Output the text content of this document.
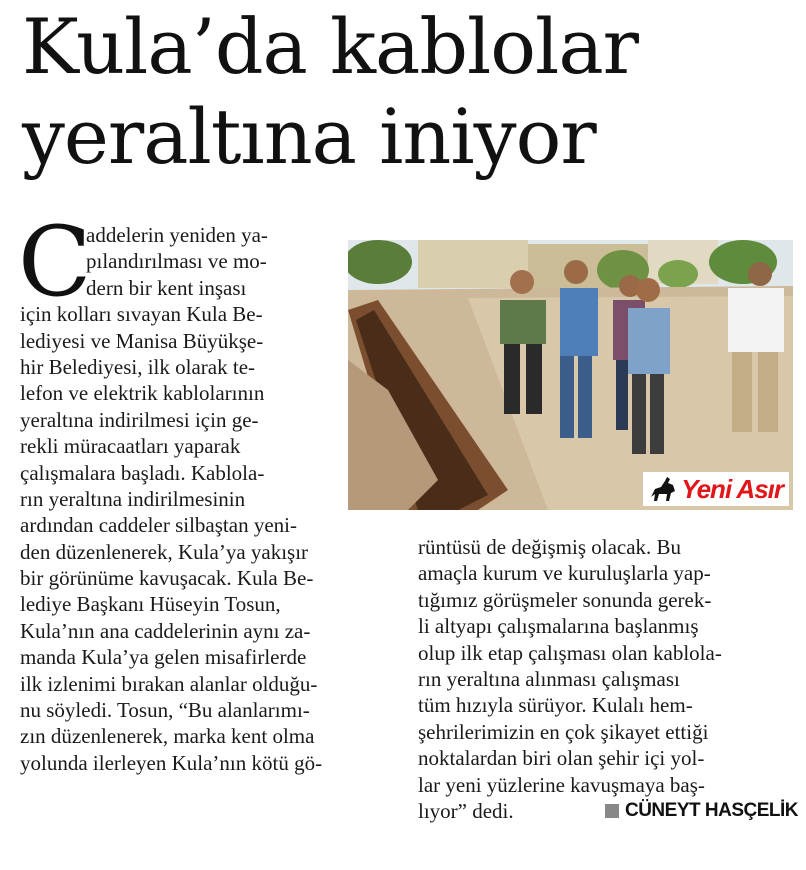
Kula’da kablolar
yeraltına iniyor
C
addelerin yeniden ya-
pılandırılması ve mo-
dern bir kent inşası
için kolları sıvayan Kula Be-
lediyesi ve Manisa Büyükşe-
hir Belediyesi, ilk olarak te-
lefon ve elektrik kablolarının
yeraltına indirilmesi için ge-
rekli müracaatları yaparak
çalışmalara başladı. Kablola-
rın yeraltına indirilmesinin
ardından caddeler silbaştan yeni-
den düzenlenerek, Kula’ya yakışır
bir görünüme kavuşacak. Kula Be-
lediye Başkanı Hüseyin Tosun,
Kula’nın ana caddelerinin aynı za-
manda Kula’ya gelen misafirlerde
ilk izlenimi bırakan alanlar olduğu-
nu söyledi. Tosun, “Bu alanlarımı-
zın düzenlenerek, marka kent olma
yolunda ilerleyen Kula’nın kötü gö-
Yeni Asır
rüntüsü de değişmiş olacak. Bu
amaçla kurum ve kuruluşlarla yap-
tığımız görüşmeler sonunda gerek-
li altyapı çalışmalarına başlanmış
olup ilk etap çalışması olan kablola-
rın yeraltına alınması çalışması
tüm hızıyla sürüyor. Kulalı hem-
şehrilerimizin en çok şikayet ettiği
noktalardan biri olan şehir içi yol-
lar yeni yüzlerine kavuşmaya baş-
lıyor” dedi.	CÜNEYT HASÇELİK
